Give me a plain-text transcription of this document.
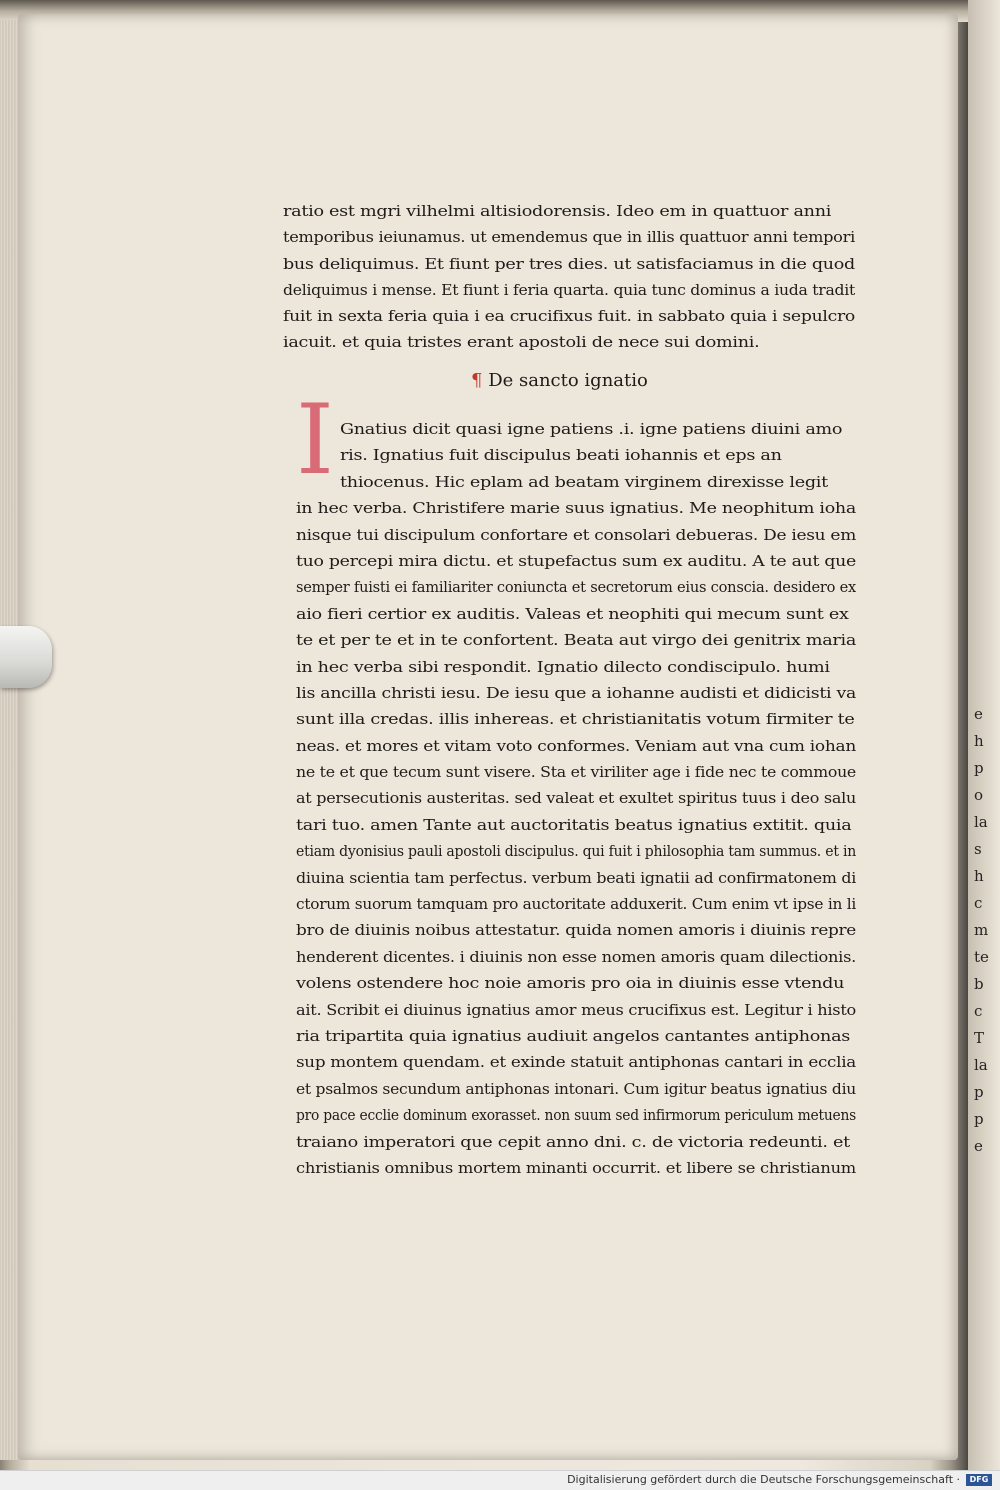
e
h
p
o
la
s
h
c
m
te
b
c
T
la
p
p
e
ratio est mgri vilhelmi altisiodorensis. Ideo em in quattuor anni
temporibus ieiunamus. ut emendemus que in illis quattuor anni tempori
bus deliquimus. Et fiunt per tres dies. ut satisfaciamus in die quod
deliquimus i mense. Et fiunt i feria quarta. quia tunc dominus a iuda tradit
fuit in sexta feria quia i ea crucifixus fuit. in sabbato quia i sepulcro
iacuit. et quia tristes erant apostoli de nece sui domini.
¶ De sancto ignatio
I Gnatius dicit quasi igne patiens .i. igne patiens diuini amo
ris. Ignatius fuit discipulus beati iohannis et eps an
thiocenus. Hic eplam ad beatam virginem direxisse legit
in hec verba. Christifere marie suus ignatius. Me neophitum ioha
nisque tui discipulum confortare et consolari debueras. De iesu em
tuo percepi mira dictu. et stupefactus sum ex auditu. A te aut que
semper fuisti ei familiariter coniuncta et secretorum eius conscia. desidero ex
aio fieri certior ex auditis. Valeas et neophiti qui mecum sunt ex
te et per te et in te confortent. Beata aut virgo dei genitrix maria
in hec verba sibi respondit. Ignatio dilecto condiscipulo. humi
lis ancilla christi iesu. De iesu que a iohanne audisti et didicisti va
sunt illa credas. illis inhereas. et christianitatis votum firmiter te
neas. et mores et vitam voto conformes. Veniam aut vna cum iohan
ne te et que tecum sunt visere. Sta et viriliter age i fide nec te commoue
at persecutionis austeritas. sed valeat et exultet spiritus tuus i deo salu
tari tuo. amen Tante aut auctoritatis beatus ignatius extitit. quia
etiam dyonisius pauli apostoli discipulus. qui fuit i philosophia tam summus. et in
diuina scientia tam perfectus. verbum beati ignatii ad confirmatonem di
ctorum suorum tamquam pro auctoritate adduxerit. Cum enim vt ipse in li
bro de diuinis noibus attestatur. quida nomen amoris i diuinis repre
henderent dicentes. i diuinis non esse nomen amoris quam dilectionis.
volens ostendere hoc noie amoris pro oia in diuinis esse vtendu
ait. Scribit ei diuinus ignatius amor meus crucifixus est. Legitur i histo
ria tripartita quia ignatius audiuit angelos cantantes antiphonas
sup montem quendam. et exinde statuit antiphonas cantari in ecclia
et psalmos secundum antiphonas intonari. Cum igitur beatus ignatius diu
pro pace ecclie dominum exorasset. non suum sed infirmorum periculum metuens
traiano imperatori que cepit anno dni. c. de victoria redeunti. et
christianis omnibus mortem minanti occurrit. et libere se christianum
Digitalisierung gefördert durch die Deutsche Forschungsgemeinschaft ·	DFG
